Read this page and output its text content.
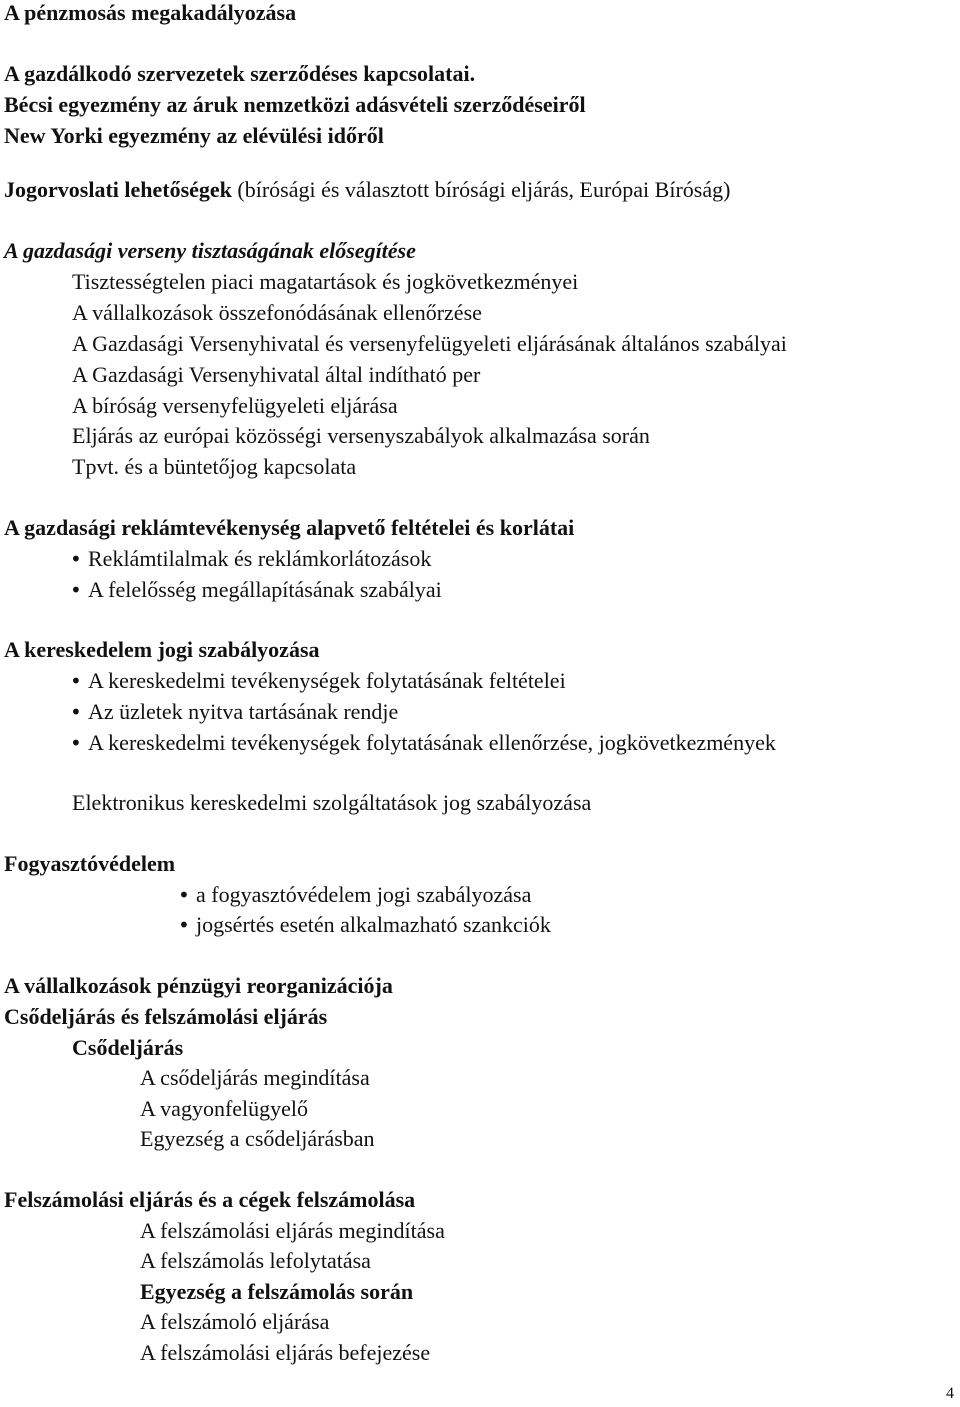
A pénzmosás megakadályozása
A gazdálkodó szervezetek szerződéses kapcsolatai.
Bécsi egyezmény az áruk nemzetközi adásvételi szerződéseiről
New Yorki egyezmény az elévülési időről
Jogorvoslati lehetőségek (bírósági és választott bírósági eljárás, Európai Bíróság)
A gazdasági verseny tisztaságának elősegítése
Tisztességtelen piaci magatartások és jogkövetkezményei
A vállalkozások összefonódásának ellenőrzése
A Gazdasági Versenyhivatal és versenyfelügyeleti eljárásának általános szabályai
A Gazdasági Versenyhivatal által indítható per
A bíróság versenyfelügyeleti eljárása
Eljárás az európai közösségi versenyszabályok alkalmazása során
Tpvt. és a büntetőjog kapcsolata
A gazdasági reklámtevékenység alapvető feltételei és korlátai
Reklámtilalmak és reklámkorlátozások
•
A felelősség megállapításának szabályai
•
A kereskedelem jogi szabályozása
A kereskedelmi tevékenységek folytatásának feltételei
•
Az üzletek nyitva tartásának rendje
•
A kereskedelmi tevékenységek folytatásának ellenőrzése, jogkövetkezmények
•
Elektronikus kereskedelmi szolgáltatások jog szabályozása
Fogyasztóvédelem
a fogyasztóvédelem jogi szabályozása
•
jogsértés esetén alkalmazható szankciók
•
A vállalkozások pénzügyi reorganizációja
Csődeljárás és felszámolási eljárás
Csődeljárás
A csődeljárás megindítása
A vagyonfelügyelő
Egyezség a csődeljárásban
Felszámolási eljárás és a cégek felszámolása
A felszámolási eljárás megindítása
A felszámolás lefolytatása
Egyezség a felszámolás során
A felszámoló eljárása
A felszámolási eljárás befejezése
4
